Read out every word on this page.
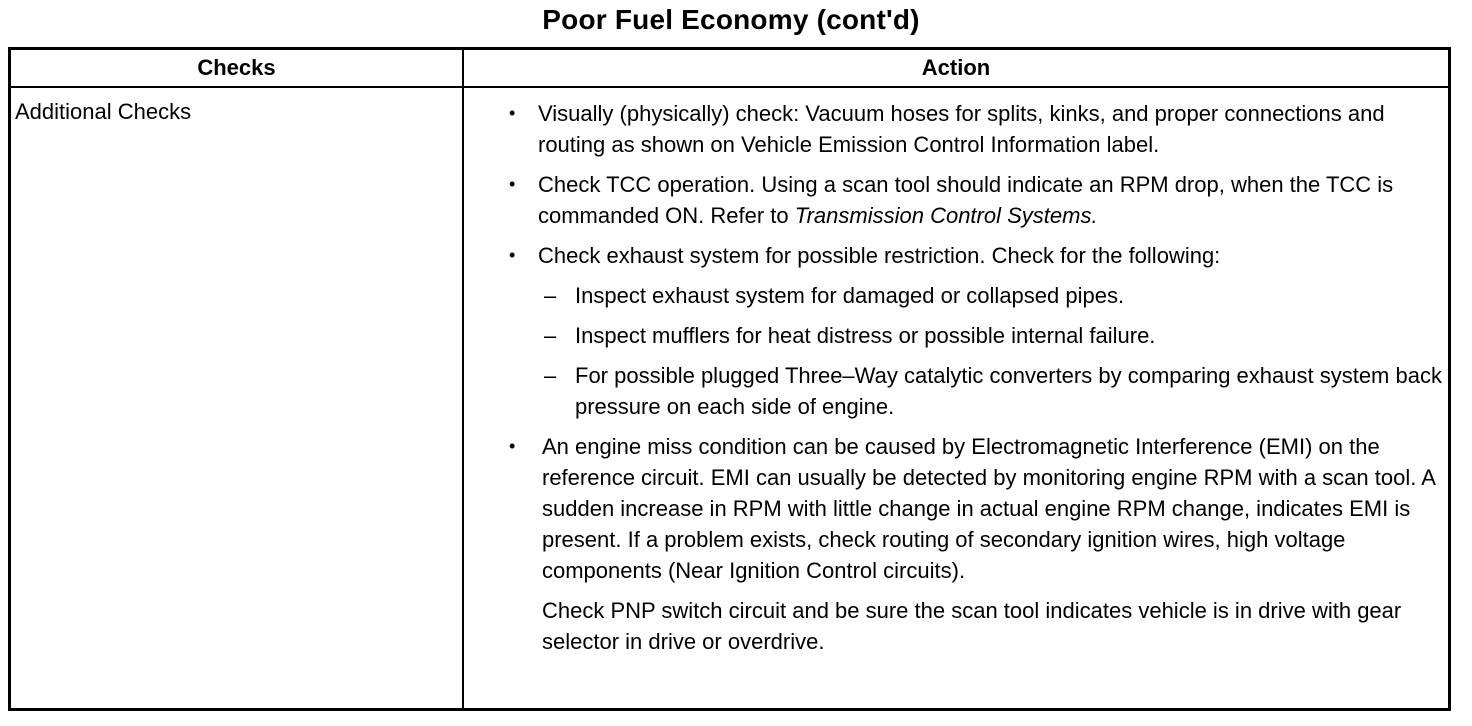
Poor Fuel Economy (cont'd)
Checks	Action
Additional Checks	• Visually (physically) check: Vacuum hoses for splits, kinks, and proper connections and routing as shown on Vehicle Emission Control Information label.
• Check TCC operation. Using a scan tool should indicate an RPM drop, when the TCC is commanded ON. Refer to Transmission Control Systems.
• Check exhaust system for possible restriction. Check for the following:
– Inspect exhaust system for damaged or collapsed pipes.
– Inspect mufflers for heat distress or possible internal failure.
– For possible plugged Three–Way catalytic converters by comparing exhaust system back pressure on each side of engine.
• An engine miss condition can be caused by Electromagnetic Interference (EMI) on the reference circuit. EMI can usually be detected by monitoring engine RPM with a scan tool. A sudden increase in RPM with little change in actual engine RPM change, indicates EMI is present. If a problem exists, check routing of secondary ignition wires, high voltage components (Near Ignition Control circuits).
Check PNP switch circuit and be sure the scan tool indicates vehicle is in drive with gear selector in drive or overdrive.
